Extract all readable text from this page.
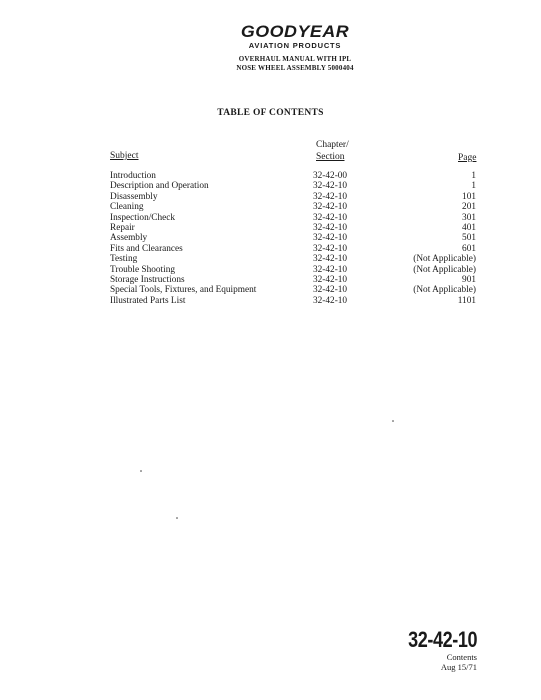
GOODYEAR
AVIATION PRODUCTS
OVERHAUL MANUAL WITH IPL
NOSE WHEEL ASSEMBLY 5000404
TABLE OF CONTENTS
Subject
Chapter/
Section	Page
Introduction	32-42-00	1
Description and Operation	32-42-10	1
Disassembly	32-42-10	101
Cleaning	32-42-10	201
Inspection/Check	32-42-10	301
Repair	32-42-10	401
Assembly	32-42-10	501
Fits and Clearances	32-42-10	601
Testing	32-42-10	(Not Applicable)
Trouble Shooting	32-42-10	(Not Applicable)
Storage Instructions	32-42-10	901
Special Tools, Fixtures, and Equipment	32-42-10	(Not Applicable)
Illustrated Parts List	32-42-10	1101
32-42-10
Contents
Aug 15/71
